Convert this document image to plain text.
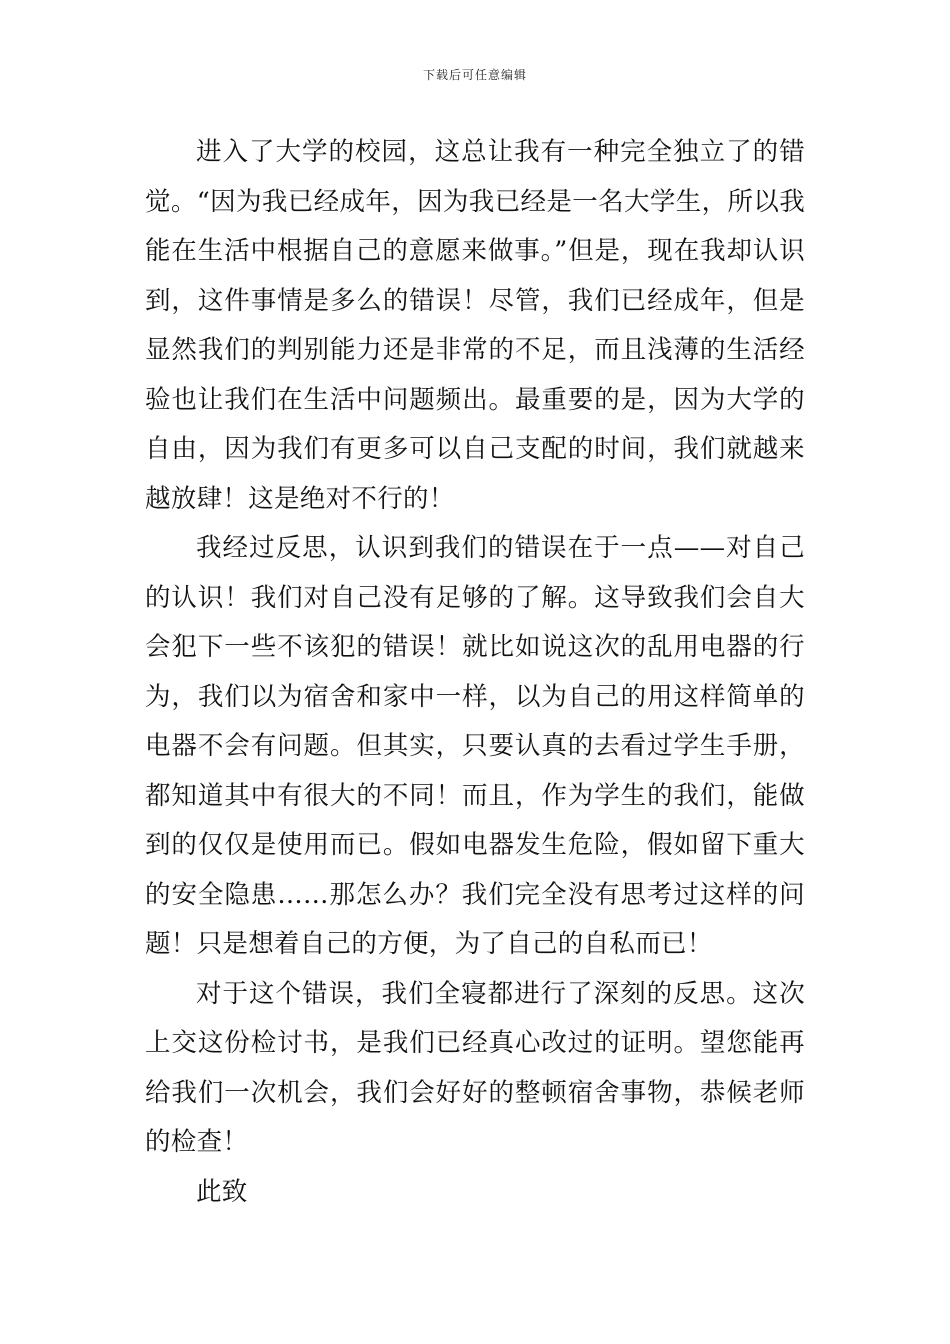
下载后可任意编辑

进入了大学的校园，这总让我有一种完全独立了的错觉。“因为我已经成年，因为我已经是一名大学生，所以我能在生活中根据自己的意愿来做事。”但是，现在我却认识到，这件事情是多么的错误！尽管，我们已经成年，但是显然我们的判别能力还是非常的不足，而且浅薄的生活经验也让我们在生活中问题频出。最重要的是，因为大学的自由，因为我们有更多可以自己支配的时间，我们就越来越放肆！这是绝对不行的！

我经过反思，认识到我们的错误在于一点——对自己的认识！我们对自己没有足够的了解。这导致我们会自大会犯下一些不该犯的错误！就比如说这次的乱用电器的行为，我们以为宿舍和家中一样，以为自己的用这样简单的电器不会有问题。但其实，只要认真的去看过学生手册，都知道其中有很大的不同！而且，作为学生的我们，能做到的仅仅是使用而已。假如电器发生危险，假如留下重大的安全隐患……那怎么办？我们完全没有思考过这样的问题！只是想着自己的方便，为了自己的自私而已！

对于这个错误，我们全寝都进行了深刻的反思。这次上交这份检讨书，是我们已经真心改过的证明。望您能再给我们一次机会，我们会好好的整顿宿舍事物，恭候老师的检查！

此致
